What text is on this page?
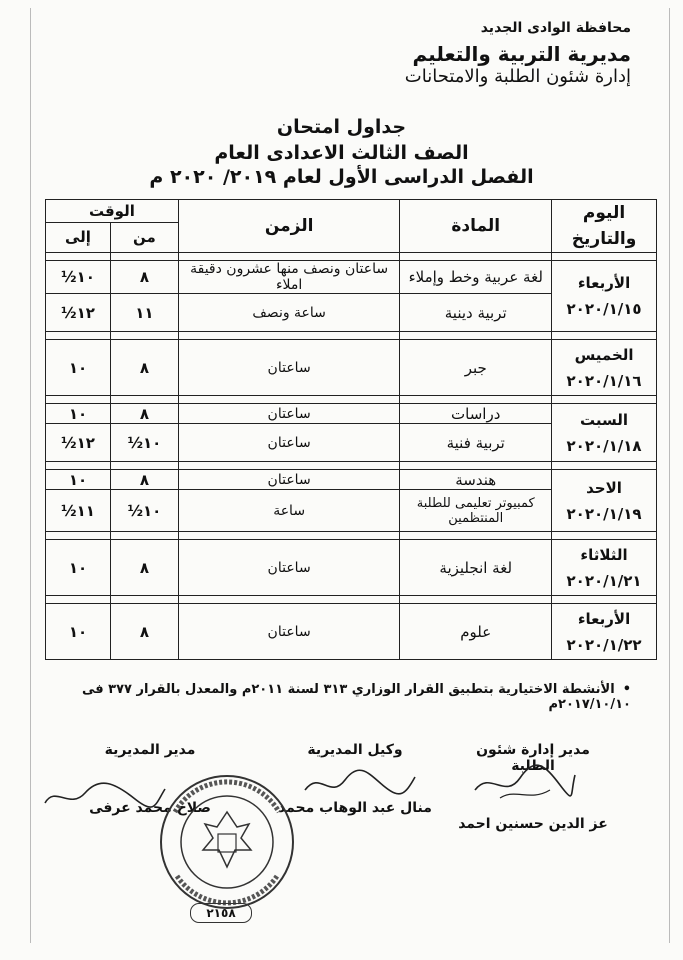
محافظة الوادى الجديد
مديرية التربية والتعليم
إدارة شئون الطلبة والامتحانات
جداول امتحان
الصف الثالث الاعدادى العام
الفصل الدراسى الأول لعام ٢٠١٩/ ٢٠٢٠ م
اليوم والتاريخ	المادة	الزمن	الوقت	
			من	إلى

الأربعاء
٢٠٢٠/١/١٥	لغة عربية وخط وإملاء	ساعتان ونصف منها عشرون دقيقة املاء	٨	١٠½
	تربية دينية	ساعة ونصف	١١	١٢½

الخميس
٢٠٢٠/١/١٦	جبر	ساعتان	٨	١٠

السبت
٢٠٢٠/١/١٨	دراسات	ساعتان	٨	١٠
	تربية فنية	ساعتان	١٠½	١٢½

الاحد
٢٠٢٠/١/١٩	هندسة	ساعتان	٨	١٠
	كمبيوتر تعليمى للطلبة المنتظمين	ساعة	١٠½	١١½

الثلاثاء
٢٠٢٠/١/٢١	لغة انجليزية	ساعتان	٨	١٠

الأربعاء
٢٠٢٠/١/٢٢	علوم	ساعتان	٨	١٠
• الأنشطة الاختيارية بتطبيق القرار الوزاري ٣١٣ لسنة ٢٠١١م والمعدل بالقرار ٣٧٧ فى ٢٠١٧/١٠/١٠م
مدير إدارة شئون الطلبة
عز الدين حسنين احمد
وكيل المديرية
منال عبد الوهاب محمد
مدير المديرية
صلاح محمد عرفى
٢١٥٨
